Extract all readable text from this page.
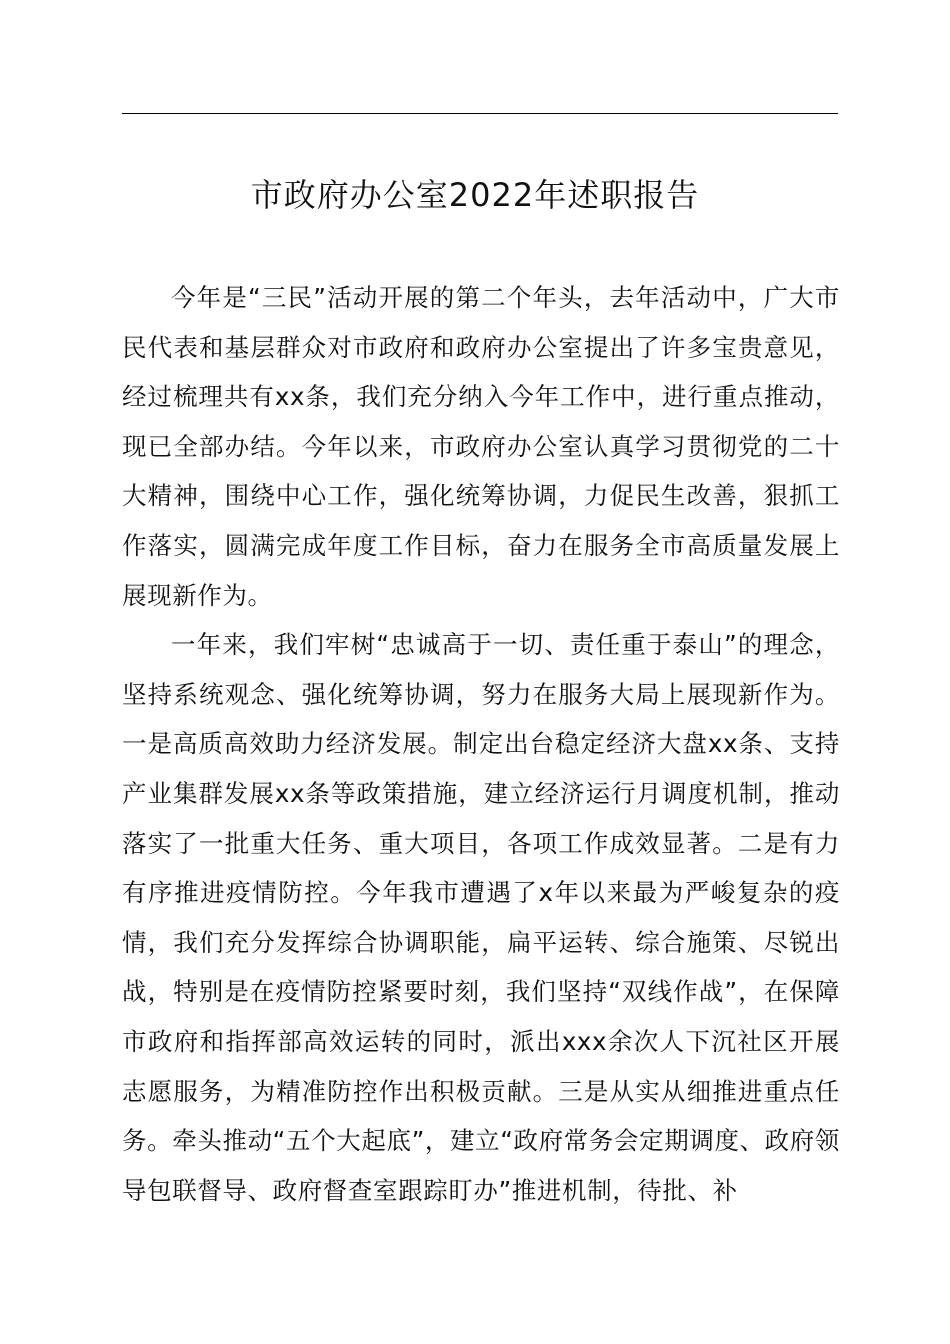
市政府办公室2022年述职报告

今年是“三民”活动开展的第二个年头，去年活动中，广大市民代表和基层群众对市政府和政府办公室提出了许多宝贵意见，经过梳理共有xx条，我们充分纳入今年工作中，进行重点推动，现已全部办结。今年以来，市政府办公室认真学习贯彻党的二十大精神，围绕中心工作，强化统筹协调，力促民生改善，狠抓工作落实，圆满完成年度工作目标，奋力在服务全市高质量发展上展现新作为。

一年来，我们牢树“忠诚高于一切、责任重于泰山”的理念，坚持系统观念、强化统筹协调，努力在服务大局上展现新作为。一是高质高效助力经济发展。制定出台稳定经济大盘xx条、支持产业集群发展xx条等政策措施，建立经济运行月调度机制，推动落实了一批重大任务、重大项目，各项工作成效显著。二是有力有序推进疫情防控。今年我市遭遇了x年以来最为严峻复杂的疫情，我们充分发挥综合协调职能，扁平运转、综合施策、尽锐出战，特别是在疫情防控紧要时刻，我们坚持“双线作战”，在保障市政府和指挥部高效运转的同时，派出xxx余次人下沉社区开展志愿服务，为精准防控作出积极贡献。三是从实从细推进重点任务。牵头推动“五个大起底”，建立“政府常务会定期调度、政府领导包联督导、政府督查室跟踪盯办”推进机制，待批、补
